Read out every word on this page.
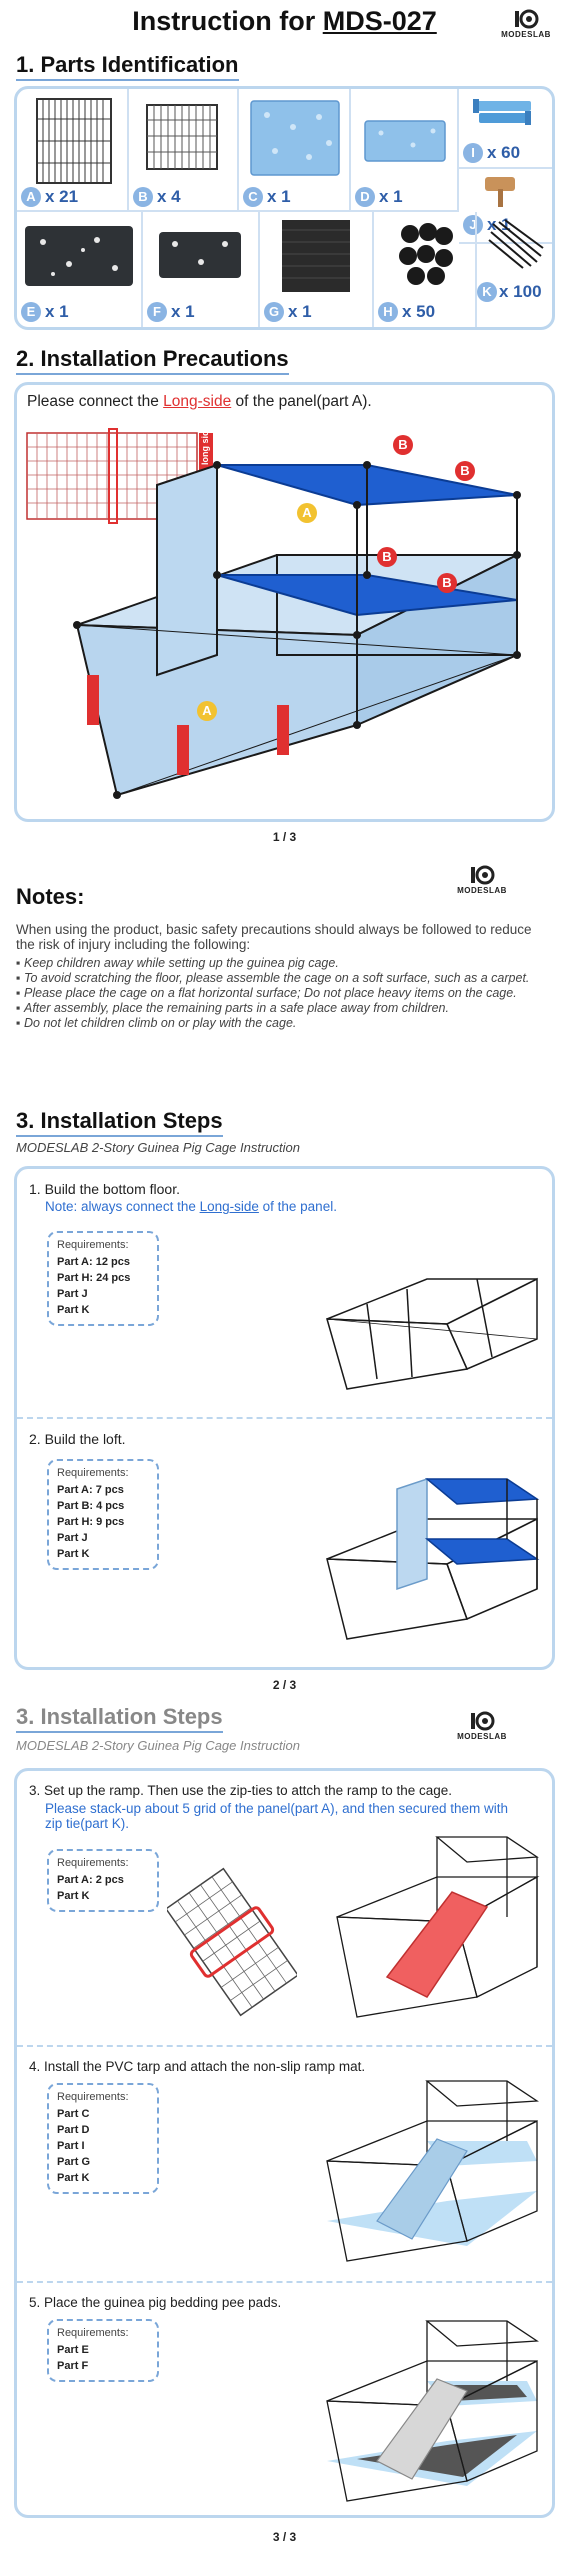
Instruction for MDS-027	MODESLAB
1. Parts Identification
A x 21	B x 4	C x 1	D x 1
I x 60
J x 1
E x 1	F x 1	G x 1	H x 50
K x 100
2. Installation Precautions
Please connect the Long-side of the panel(part A).
A
A
B
B
B
B
1 / 3
Notes:	MODESLAB
When using the product, basic safety precautions should always be followed to reduce the risk of injury including the following:
▪ Keep children away while setting up the guinea pig cage.
▪ To avoid scratching the floor, please assemble the cage on a soft surface, such as a carpet.
▪ Please place the cage on a flat horizontal surface; Do not place heavy items on the cage.
▪ After assembly, place the remaining parts in a safe place away from children.
▪ Do not let children climb on or play with the cage.
3. Installation Steps
MODESLAB 2-Story Guinea Pig Cage Instruction
1. Build the bottom floor.
Note: always connect the Long-side of the panel.
Requirements:
Part A: 12 pcs
Part H: 24 pcs
Part J
Part K
2. Build the loft.
Requirements:
Part A: 7 pcs
Part B: 4 pcs
Part H: 9 pcs
Part J
Part K
2 / 3
3. Installation Steps
MODESLAB 2-Story Guinea Pig Cage Instruction
MODESLAB
3. Set up the ramp. Then use the zip-ties to attch the ramp to the cage.
Please stack-up about 5 grid of the panel(part A), and then secured them with zip tie(part K).
Requirements:
Part A: 2 pcs
Part K
4. Install the PVC tarp and attach the non-slip ramp mat.
Requirements:
Part C
Part D
Part I
Part G
Part K
5. Place the guinea pig bedding pee pads.
Requirements:
Part E
Part F
3 / 3
